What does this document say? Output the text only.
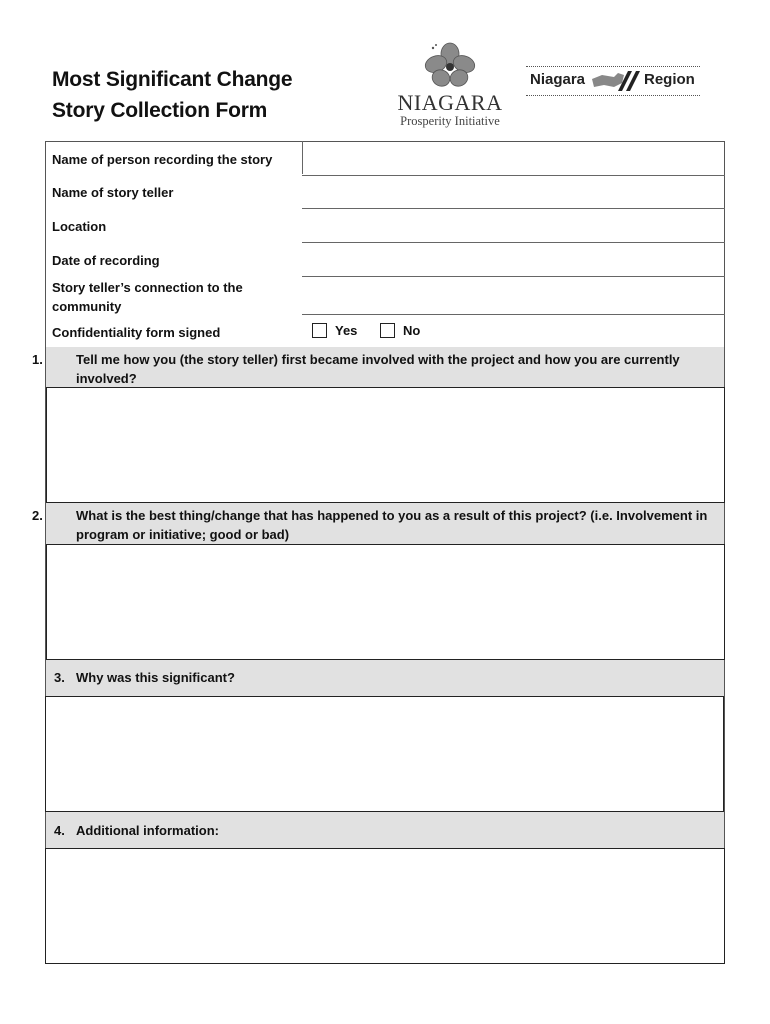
Most Significant Change
Story Collection Form	NIAGARA
Prosperity Initiative
Niagara	Region
Name of person recording the story
Name of story teller
Location
Date of recording
Story teller’s connection to the
community
Confidentiality form signed	Yes	No
1.	Tell me how you (the story teller) first became involved with the project and how you are currently involved?
2.	What is the best thing/change that has happened to you as a result of this project? (i.e. Involvement in program or initiative; good or bad)
3. Why was this significant?
4. Additional information:
